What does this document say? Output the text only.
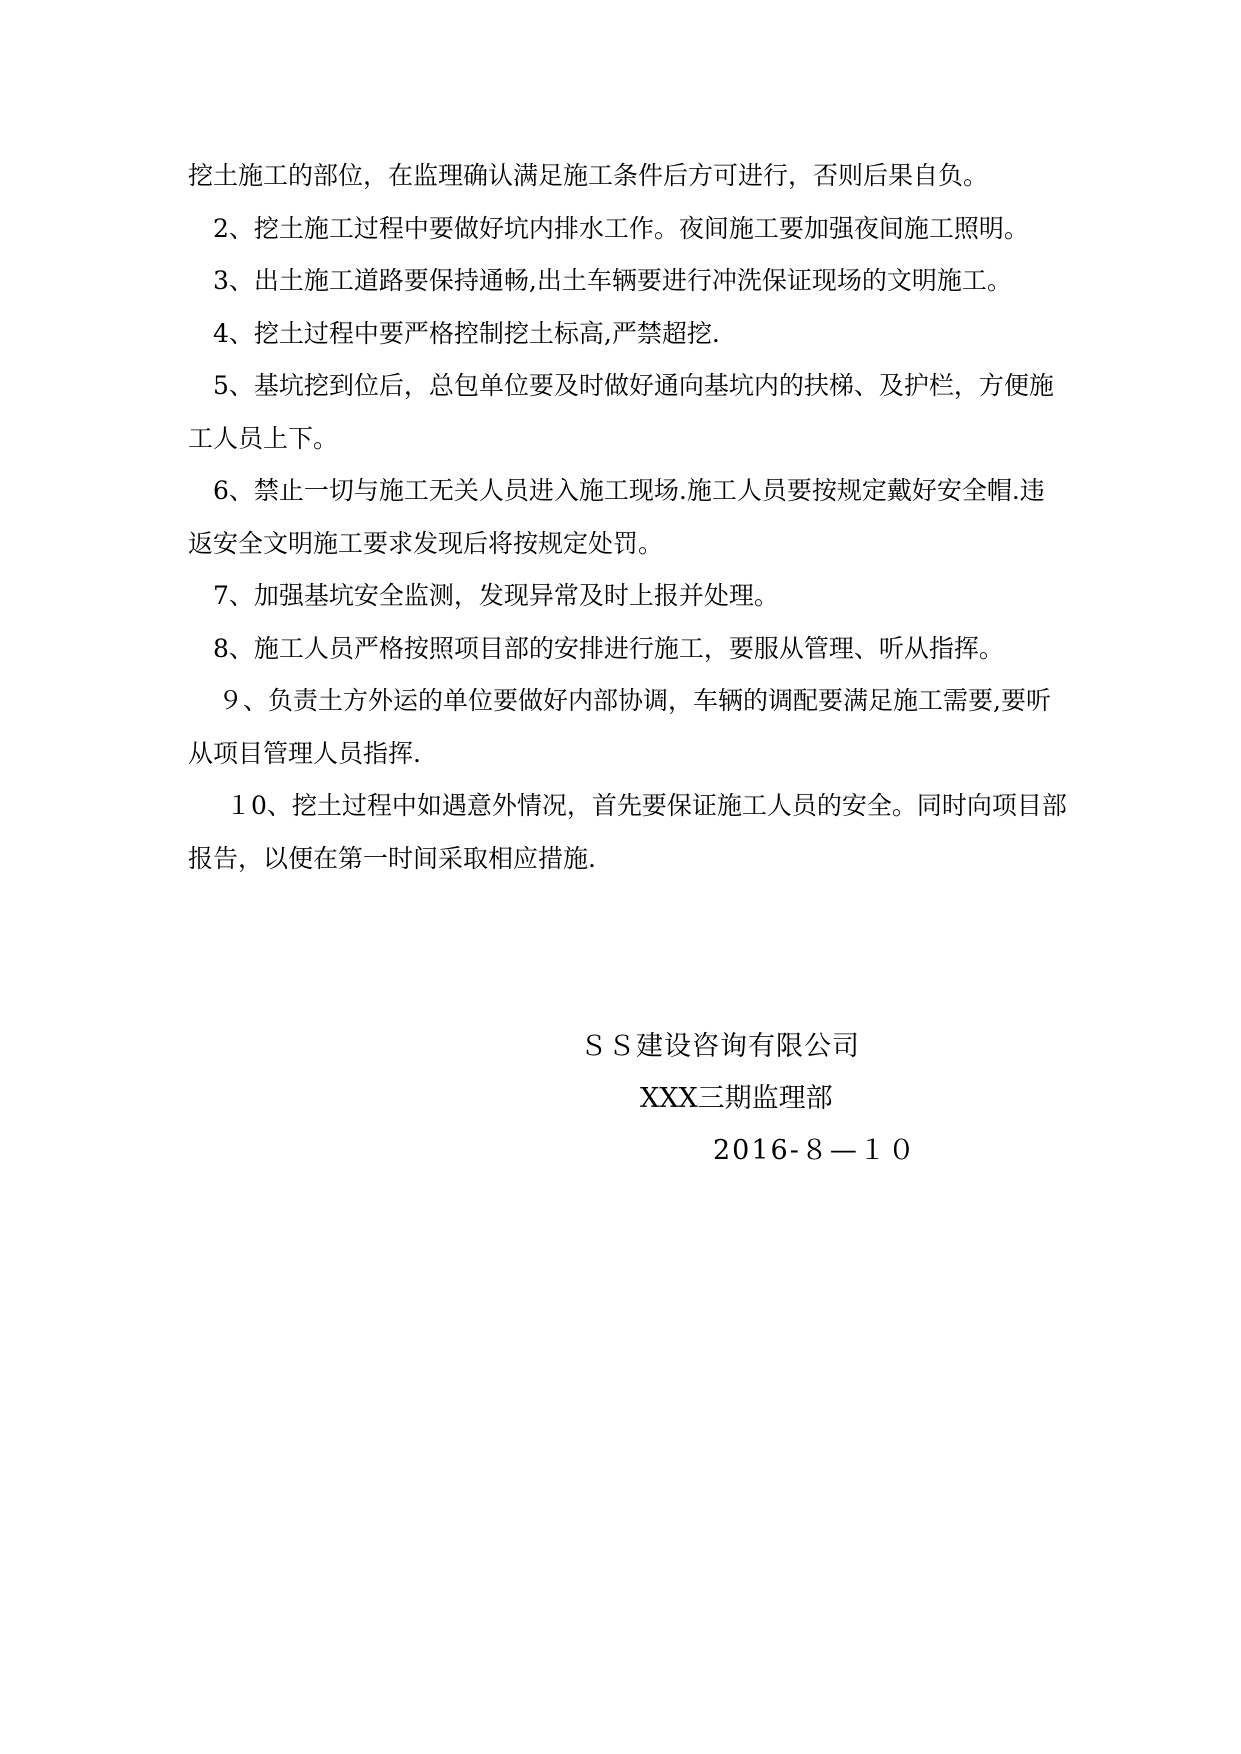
挖土施工的部位，在监理确认满足施工条件后方可进行，否则后果自负。

2、挖土施工过程中要做好坑内排水工作。夜间施工要加强夜间施工照明。

3、出土施工道路要保持通畅,出土车辆要进行冲洗保证现场的文明施工。

4、挖土过程中要严格控制挖土标高,严禁超挖.

5、基坑挖到位后，总包单位要及时做好通向基坑内的扶梯、及护栏，方便施工人员上下。

6、禁止一切与施工无关人员进入施工现场.施工人员要按规定戴好安全帽.违返安全文明施工要求发现后将按规定处罚。

7、加强基坑安全监测，发现异常及时上报并处理。

8、施工人员严格按照项目部的安排进行施工，要服从管理、听从指挥。

９、负责土方外运的单位要做好内部协调，车辆的调配要满足施工需要,要听从项目管理人员指挥.

１0、挖土过程中如遇意外情况，首先要保证施工人员的安全。同时向项目部报告，以便在第一时间采取相应措施.

ＳＳ建设咨询有限公司
XXX三期监理部
2016-８—１０
